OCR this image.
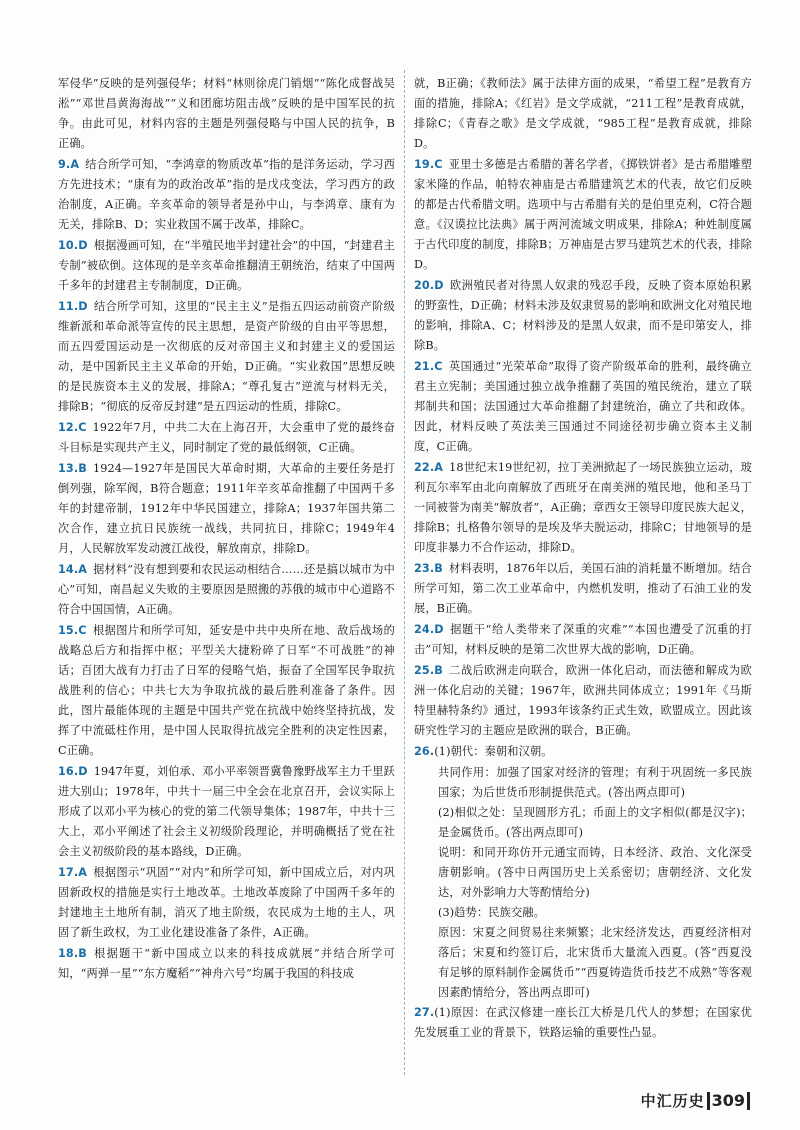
军侵华”反映的是列强侵华；材料“林则徐虎门销烟”“陈化成督战吴淞”“邓世昌黄海海战”“义和团廊坊阻击战”反映的是中国军民的抗争。由此可见，材料内容的主题是列强侵略与中国人民的抗争，B正确。

9.A 结合所学可知，“李鸿章的物质改革”指的是洋务运动，学习西方先进技术；“康有为的政治改革”指的是戊戌变法，学习西方的政治制度，A正确。辛亥革命的领导者是孙中山，与李鸿章、康有为无关，排除B、D；实业救国不属于改革，排除C。

10.D 根据漫画可知，在“半殖民地半封建社会”的中国，“封建君主专制”被砍倒。这体现的是辛亥革命推翻清王朝统治，结束了中国两千多年的封建君主专制制度，D正确。

11.D 结合所学可知，这里的“民主主义”是指五四运动前资产阶级维新派和革命派等宣传的民主思想，是资产阶级的自由平等思想，而五四爱国运动是一次彻底的反对帝国主义和封建主义的爱国运动，是中国新民主主义革命的开始，D正确。“实业救国”思想反映的是民族资本主义的发展，排除A；“尊孔复古”逆流与材料无关，排除B；“彻底的反帝反封建”是五四运动的性质，排除C。

12.C 1922年7月，中共二大在上海召开，大会重申了党的最终奋斗目标是实现共产主义，同时制定了党的最低纲领，C正确。

13.B 1924—1927年是国民大革命时期，大革命的主要任务是打倒列强，除军阀，B符合题意；1911年辛亥革命推翻了中国两千多年的封建帝制，1912年中华民国建立，排除A；1937年国共第二次合作，建立抗日民族统一战线，共同抗日，排除C；1949年4月，人民解放军发动渡江战役，解放南京，排除D。

14.A 据材料“没有想到要和农民运动相结合……还是搞以城市为中心”可知，南昌起义失败的主要原因是照搬的苏俄的城市中心道路不符合中国国情，A正确。

15.C 根据图片和所学可知，延安是中共中央所在地、敌后战场的战略总后方和指挥中枢；平型关大捷粉碎了日军“不可战胜”的神话；百团大战有力打击了日军的侵略气焰，振奋了全国军民争取抗战胜利的信心；中共七大为争取抗战的最后胜利准备了条件。因此，图片最能体现的主题是中国共产党在抗战中始终坚持抗战，发挥了中流砥柱作用，是中国人民取得抗战完全胜利的决定性因素，C正确。

16.D 1947年夏，刘伯承、邓小平率领晋冀鲁豫野战军主力千里跃进大别山；1978年，中共十一届三中全会在北京召开，会议实际上形成了以邓小平为核心的党的第二代领导集体；1987年，中共十三大上，邓小平阐述了社会主义初级阶段理论，并明确概括了党在社会主义初级阶段的基本路线，D正确。

17.A 根据图示“巩固”“对内”和所学可知，新中国成立后，对内巩固新政权的措施是实行土地改革。土地改革废除了中国两千多年的封建地主土地所有制，消灭了地主阶级，农民成为土地的主人，巩固了新生政权，为工业化建设准备了条件，A正确。

18.B 根据题干“新中国成立以来的科技成就展”并结合所学可知，“两弹一星”“东方魔稻”“神舟六号”均属于我国的科技成

就，B正确；《教师法》属于法律方面的成果，“希望工程”是教育方面的措施，排除A；《红岩》是文学成就，“211工程”是教育成就，排除C；《青春之歌》是文学成就，“985工程”是教育成就，排除D。

19.C 亚里士多德是古希腊的著名学者，《掷铁饼者》是古希腊雕塑家米隆的作品，帕特农神庙是古希腊建筑艺术的代表，故它们反映的都是古代希腊文明。选项中与古希腊有关的是伯里克利，C符合题意。《汉谟拉比法典》属于两河流域文明成果，排除A；种姓制度属于古代印度的制度，排除B；万神庙是古罗马建筑艺术的代表，排除D。

20.D 欧洲殖民者对待黑人奴隶的残忍手段，反映了资本原始积累的野蛮性，D正确；材料未涉及奴隶贸易的影响和欧洲文化对殖民地的影响，排除A、C；材料涉及的是黑人奴隶，而不是印第安人，排除B。

21.C 英国通过“光荣革命”取得了资产阶级革命的胜利，最终确立君主立宪制；美国通过独立战争推翻了英国的殖民统治，建立了联邦制共和国；法国通过大革命推翻了封建统治，确立了共和政体。因此，材料反映了英法美三国通过不同途径初步确立资本主义制度，C正确。

22.A 18世纪末19世纪初，拉丁美洲掀起了一场民族独立运动，玻利瓦尔率军由北向南解放了西班牙在南美洲的殖民地，他和圣马丁一同被誉为南美“解放者”，A正确；章西女王领导印度民族大起义，排除B；扎格鲁尔领导的是埃及华夫脱运动，排除C；甘地领导的是印度非暴力不合作运动，排除D。

23.B 材料表明，1876年以后，美国石油的消耗量不断增加。结合所学可知，第二次工业革命中，内燃机发明，推动了石油工业的发展，B正确。

24.D 据题干“给人类带来了深重的灾难”“本国也遭受了沉重的打击”可知，材料反映的是第二次世界大战的影响，D正确。

25.B 二战后欧洲走向联合，欧洲一体化启动，而法德和解成为欧洲一体化启动的关键；1967年，欧洲共同体成立；1991年《马斯特里赫特条约》通过，1993年该条约正式生效，欧盟成立。因此该研究性学习的主题应是欧洲的联合，B正确。

26.(1)朝代：秦朝和汉朝。

共同作用：加强了国家对经济的管理；有利于巩固统一多民族国家；为后世货币形制提供范式。(答出两点即可)

(2)相似之处：呈现圆形方孔；币面上的文字相似(都是汉字)；是金属货币。(答出两点即可)

说明：和同开珎仿开元通宝而铸，日本经济、政治、文化深受唐朝影响。(答中日两国历史上关系密切；唐朝经济、文化发达，对外影响力大等酌情给分)

(3)趋势：民族交融。

原因：宋夏之间贸易往来频繁；北宋经济发达，西夏经济相对落后；宋夏和约签订后，北宋货币大量流入西夏。(答“西夏没有足够的原料制作金属货币”“西夏铸造货币技艺不成熟”等客观因素酌情给分，答出两点即可)

27.(1)原因：在武汉修建一座长江大桥是几代人的梦想；在国家优先发展重工业的背景下，铁路运输的重要性凸显。

中汇历史 309
